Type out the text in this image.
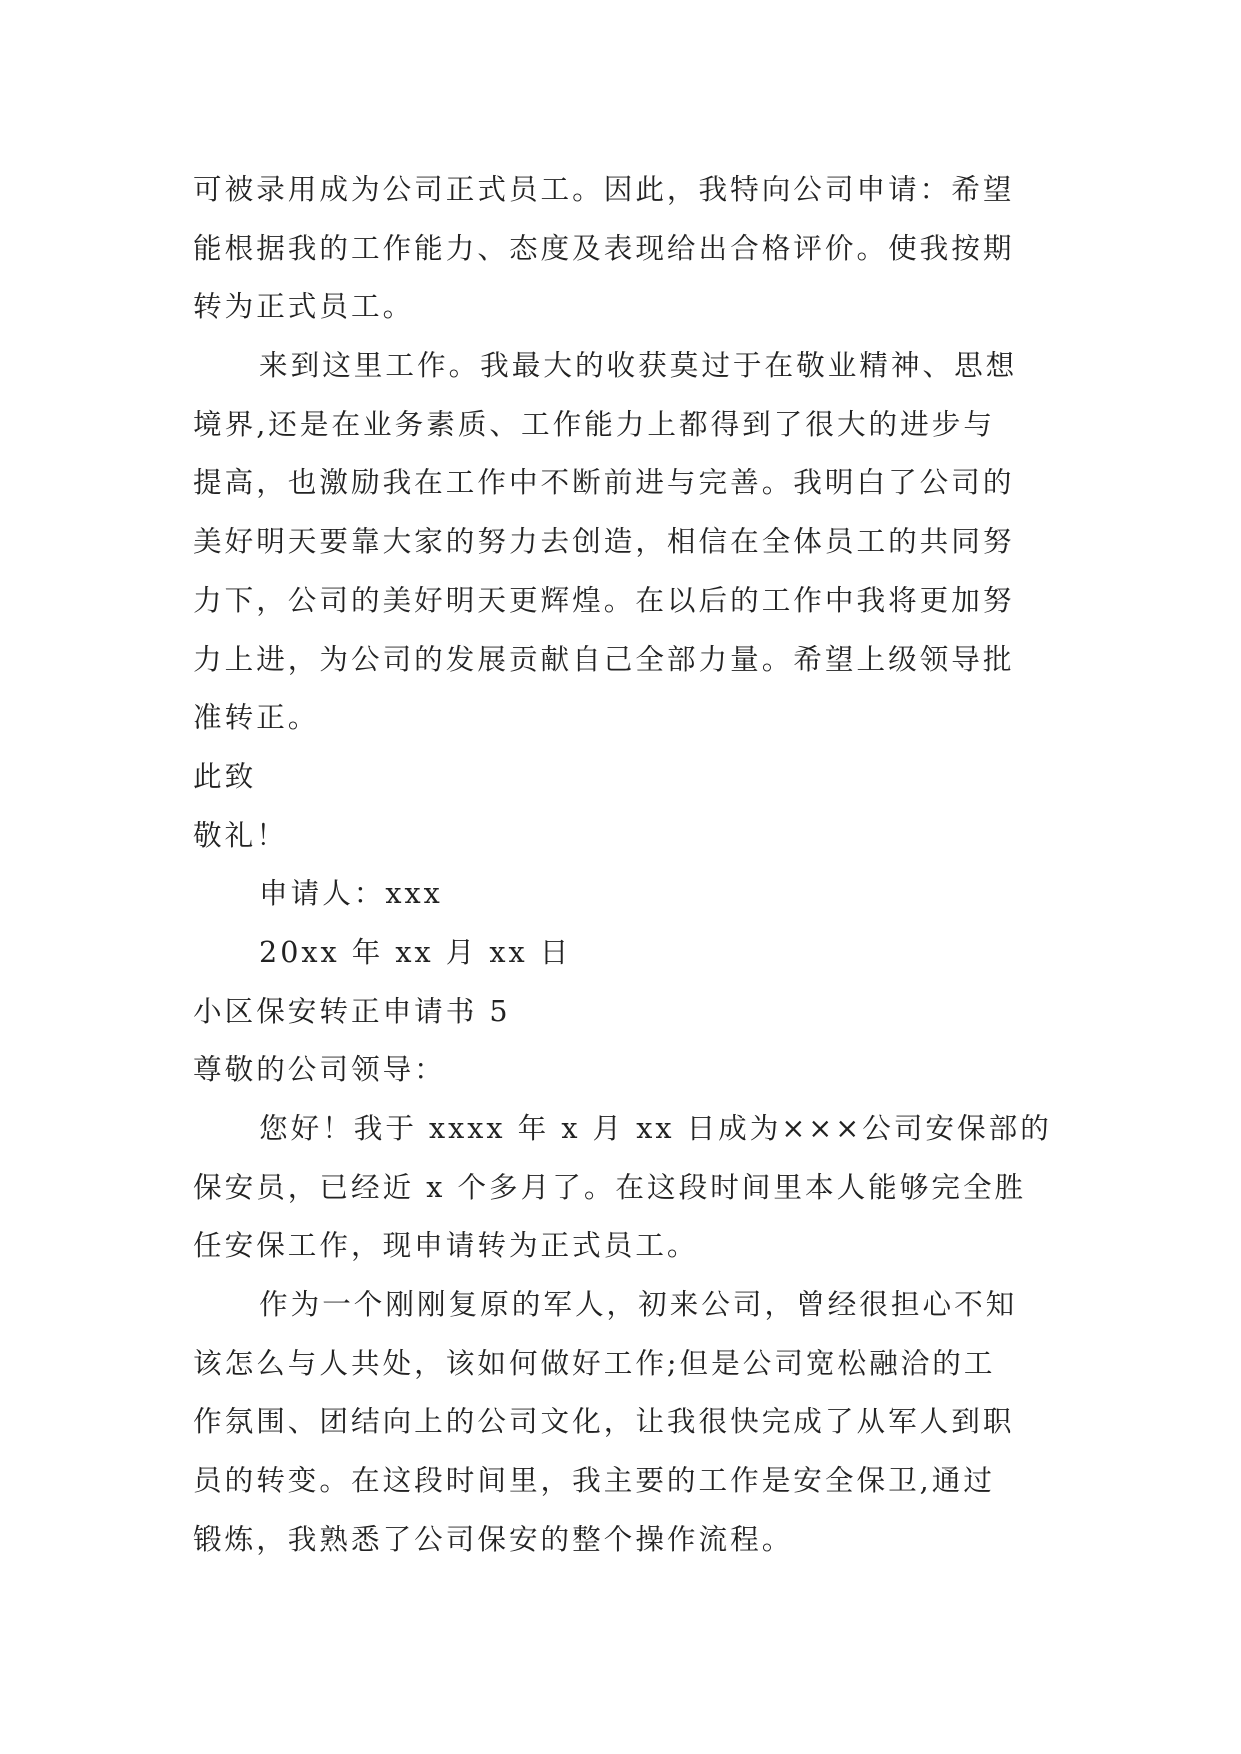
可被录用成为公司正式员工。因此，我特向公司申请：希望
能根据我的工作能力、态度及表现给出合格评价。使我按期
转为正式员工。
来到这里工作。我最大的收获莫过于在敬业精神、思想
境界,还是在业务素质、工作能力上都得到了很大的进步与
提高，也激励我在工作中不断前进与完善。我明白了公司的
美好明天要靠大家的努力去创造，相信在全体员工的共同努
力下，公司的美好明天更辉煌。在以后的工作中我将更加努
力上进，为公司的发展贡献自己全部力量。希望上级领导批
准转正。
此致
敬礼！
申请人：xxx
20xx 年 xx 月 xx 日
小区保安转正申请书 5
尊敬的公司领导：
您好！我于 xxxx 年 x 月 xx 日成为×××公司安保部的
保安员，已经近 x 个多月了。在这段时间里本人能够完全胜
任安保工作，现申请转为正式员工。
作为一个刚刚复原的军人，初来公司，曾经很担心不知
该怎么与人共处，该如何做好工作;但是公司宽松融洽的工
作氛围、团结向上的公司文化，让我很快完成了从军人到职
员的转变。在这段时间里，我主要的工作是安全保卫,通过
锻炼，我熟悉了公司保安的整个操作流程。
